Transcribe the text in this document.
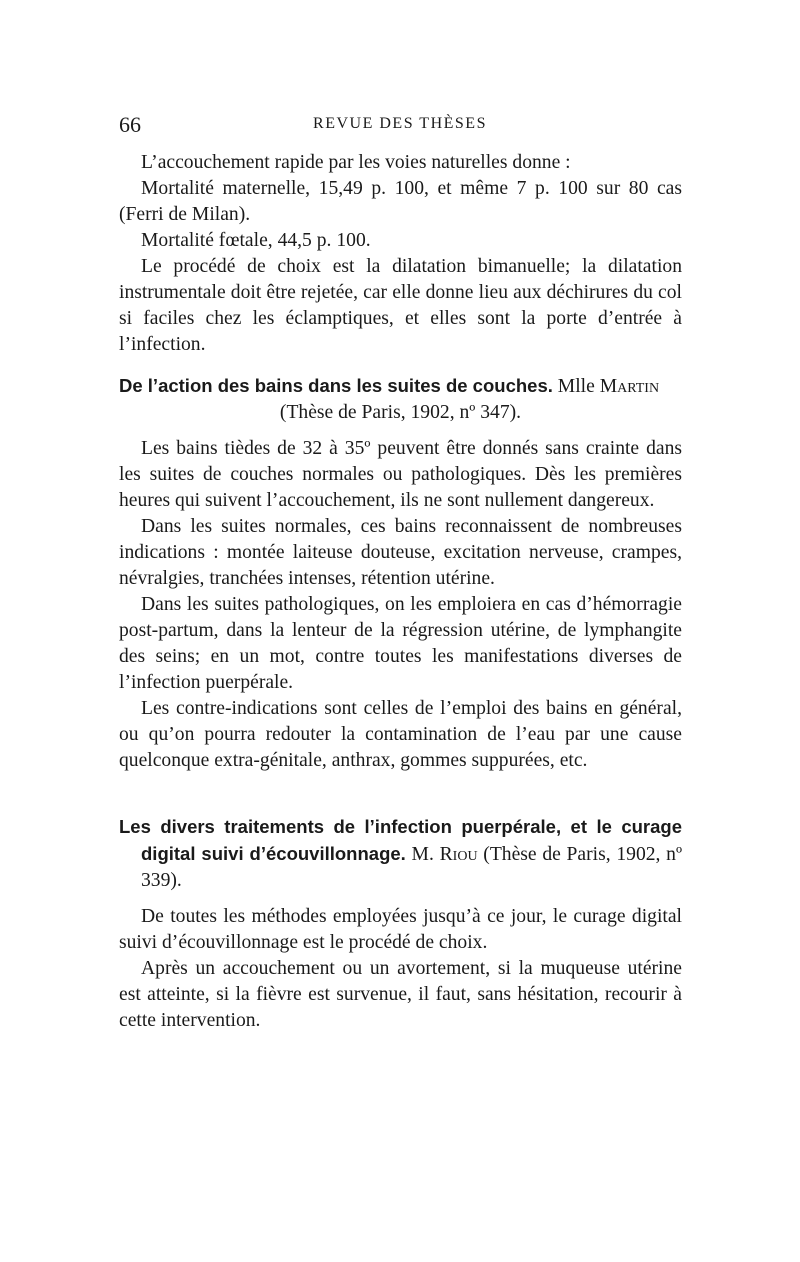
66	REVUE DES THÈSES

L’accouchement rapide par les voies naturelles donne :

Mortalité maternelle, 15,49 p. 100, et même 7 p. 100 sur 80 cas (Ferri de Milan).

Mortalité fœtale, 44,5 p. 100.

Le procédé de choix est la dilatation bimanuelle; la dilatation instrumentale doit être rejetée, car elle donne lieu aux déchirures du col si faciles chez les éclamptiques, et elles sont la porte d’entrée à l’infection.

De l’action des bains dans les suites de couches. Mlle Martin

(Thèse de Paris, 1902, nº 347).

Les bains tièdes de 32 à 35º peuvent être donnés sans crainte dans les suites de couches normales ou pathologiques. Dès les premières heures qui suivent l’accouchement, ils ne sont nullement dangereux.

Dans les suites normales, ces bains reconnaissent de nombreuses indications : montée laiteuse douteuse, excitation nerveuse, crampes, névralgies, tranchées intenses, rétention utérine.

Dans les suites pathologiques, on les emploiera en cas d’hémorragie post-partum, dans la lenteur de la régression utérine, de lymphangite des seins; en un mot, contre toutes les manifestations diverses de l’infection puerpérale.

Les contre-indications sont celles de l’emploi des bains en général, ou qu’on pourra redouter la contamination de l’eau par une cause quelconque extra-génitale, anthrax, gommes suppurées, etc.

Les divers traitements de l’infection puerpérale, et le curage digital suivi d’écouvillonnage. M. Riou (Thèse de Paris, 1902, nº 339).

De toutes les méthodes employées jusqu’à ce jour, le curage digital suivi d’écouvillonnage est le procédé de choix.

Après un accouchement ou un avortement, si la muqueuse utérine est atteinte, si la fièvre est survenue, il faut, sans hésitation, recourir à cette intervention.
